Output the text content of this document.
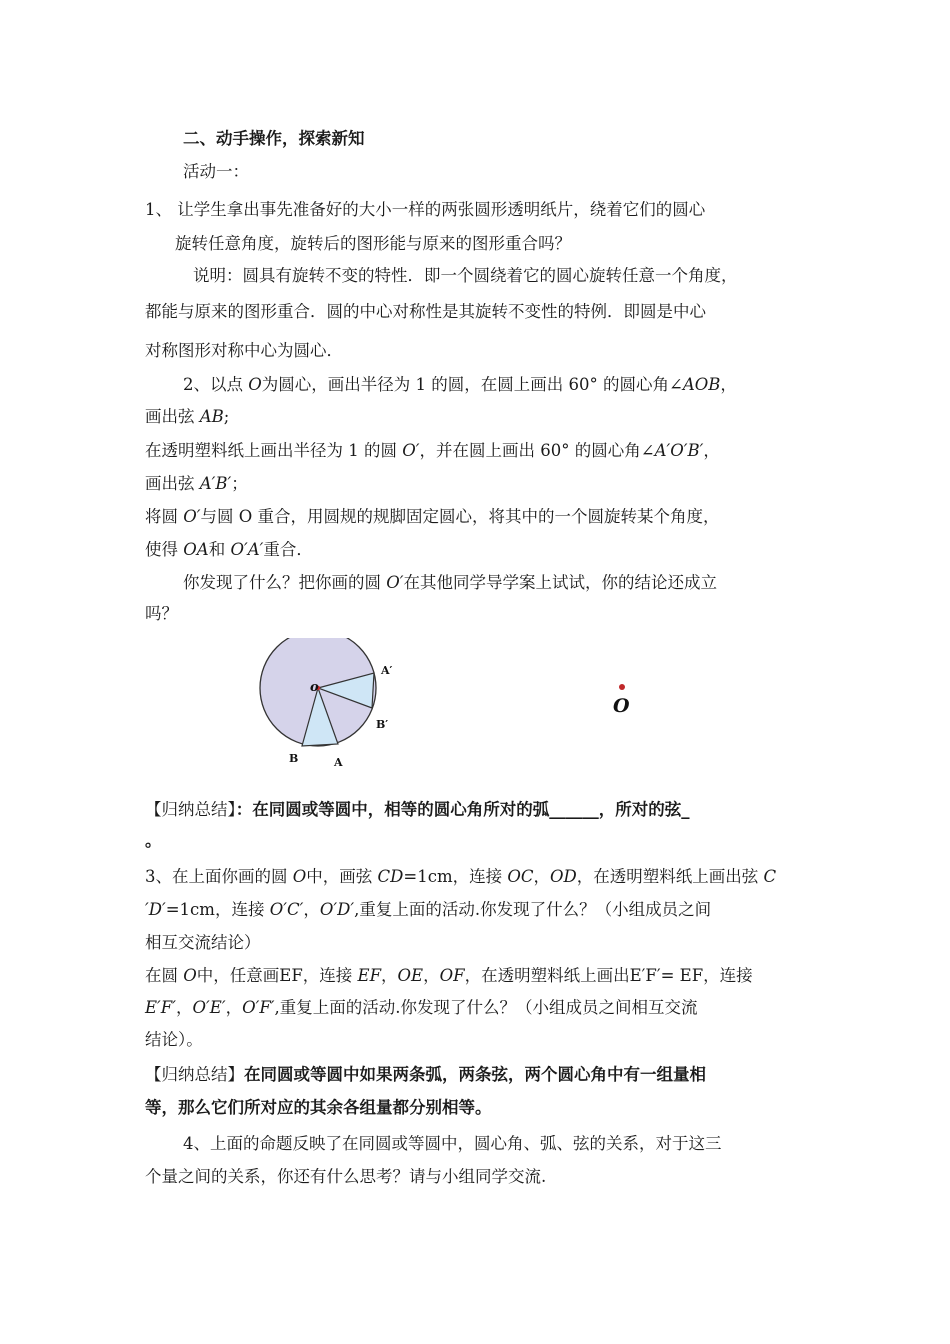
二、动手操作，探索新知
活动一：
1、 让学生拿出事先准备好的大小一样的两张圆形透明纸片，绕着它们的圆心
旋转任意角度，旋转后的图形能与原来的图形重合吗？
说明：圆具有旋转不变的特性．即一个圆绕着它的圆心旋转任意一个角度，
都能与原来的图形重合．圆的中心对称性是其旋转不变性的特例．即圆是中心
对称图形对称中心为圆心．
2、以点 O为圆心，画出半径为 1 的圆，在圆上画出 60° 的圆心角∠AOB，
画出弦 AB;
在透明塑料纸上画出半径为 1 的圆 O′，并在圆上画出 60° 的圆心角∠A′O′B′，
画出弦 A′B′；
将圆 O′与圆 O 重合，用圆规的规脚固定圆心，将其中的一个圆旋转某个角度，
使得 OA和 O′A′重合．
你发现了什么？把你画的圆 O′在其他同学导学案上试试，你的结论还成立
吗？
o
A′
B′
B	A
O
【归纳总结】：在同圆或等圆中，相等的圆心角所对的弧______，所对的弦_
。
3、在上面你画的圆 O中，画弦 CD=1cm，连接 OC，OD，在透明塑料纸上画出弦 C
′D′=1cm，连接 O′C′，O′D′,重复上面的活动.你发现了什么？（小组成员之间
相互交流结论）
在圆 O中，任意画EF，连接 EF，OE，OF，在透明塑料纸上画出E′F′= EF，连接
E′F′，O′E′，O′F′,重复上面的活动.你发现了什么？（小组成员之间相互交流
结论）。
【归纳总结】在同圆或等圆中如果两条弧，两条弦，两个圆心角中有一组量相
等，那么它们所对应的其余各组量都分别相等。
4、上面的命题反映了在同圆或等圆中，圆心角、弧、弦的关系，对于这三
个量之间的关系，你还有什么思考？请与小组同学交流.
